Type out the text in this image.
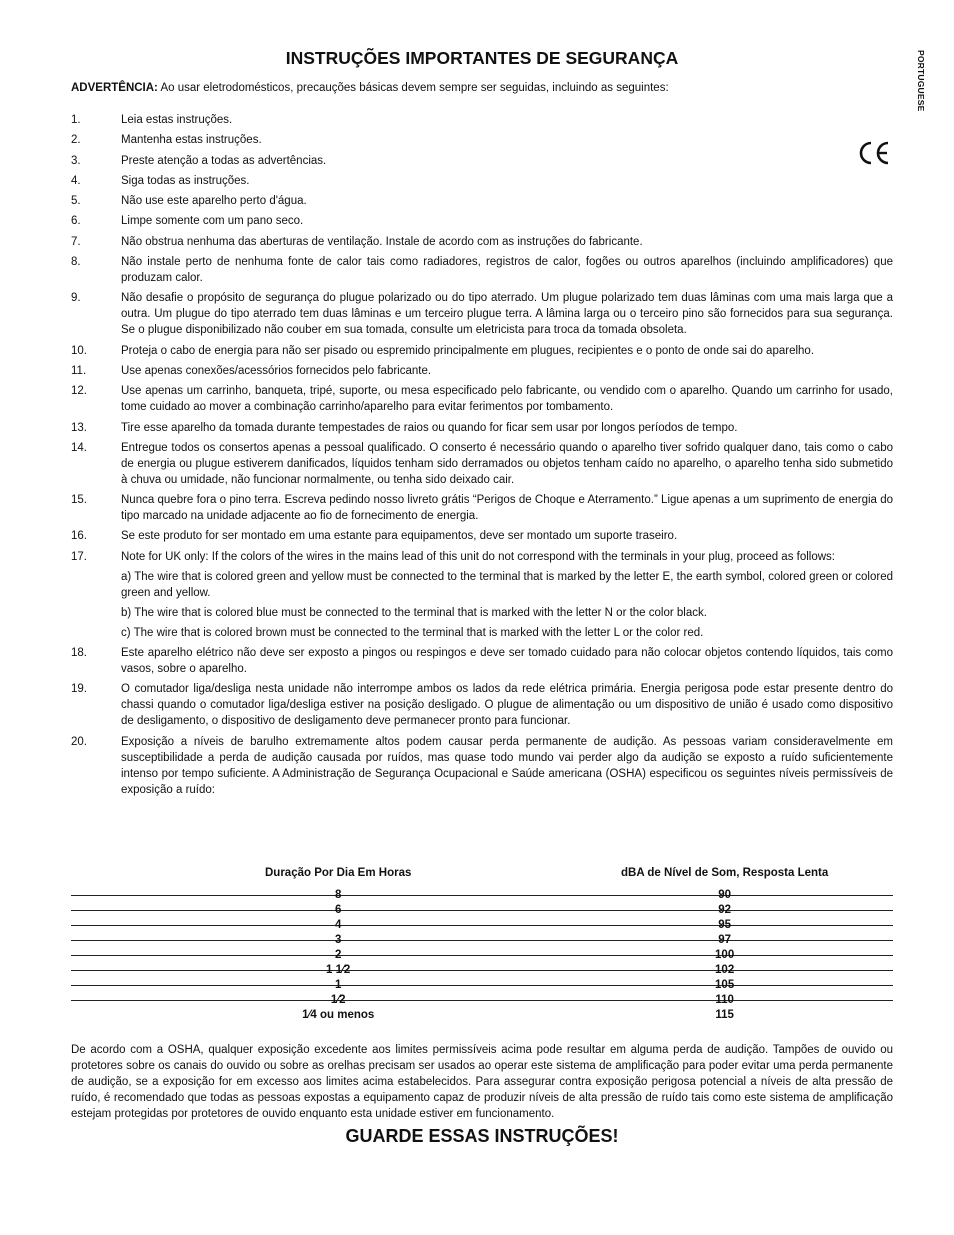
PORTUGUESE
INSTRUÇÕES IMPORTANTES DE SEGURANÇA

ADVERTÊNCIA: Ao usar eletrodomésticos, precauções básicas devem sempre ser seguidas, incluindo as seguintes:

1.	Leia estas instruções.
2.	Mantenha estas instruções.
3.	Preste atenção a todas as advertências.
4.	Siga todas as instruções.
5.	Não use este aparelho perto d'água.
6.	Limpe somente com um pano seco.
7.	Não obstrua nenhuma das aberturas de ventilação. Instale de acordo com as instruções do fabricante.
8.	Não instale perto de nenhuma fonte de calor tais como radiadores, registros de calor, fogões ou outros aparelhos (incluindo amplificadores) que produzam calor.
9.	Não desafie o propósito de segurança do plugue polarizado ou do tipo aterrado. Um plugue polarizado tem duas lâminas com uma mais larga que a outra. Um plugue do tipo aterrado tem duas lâminas e um terceiro plugue terra. A lâmina larga ou o terceiro pino são fornecidos para sua segurança. Se o plugue disponibilizado não couber em sua tomada, consulte um eletricista para troca da tomada obsoleta.
10.	Proteja o cabo de energia para não ser pisado ou espremido principalmente em plugues, recipientes e o ponto de onde sai do aparelho.
11.	Use apenas conexões/acessórios fornecidos pelo fabricante.
12.	Use apenas um carrinho, banqueta, tripé, suporte, ou mesa especificado pelo fabricante, ou vendido com o aparelho. Quando um carrinho for usado, tome cuidado ao mover a combinação carrinho/aparelho para evitar ferimentos por tombamento.
13.	Tire esse aparelho da tomada durante tempestades de raios ou quando for ficar sem usar por longos períodos de tempo.
14.	Entregue todos os consertos apenas a pessoal qualificado. O conserto é necessário quando o aparelho tiver sofrido qualquer dano, tais como o cabo de energia ou plugue estiverem danificados, líquidos tenham sido derramados ou objetos tenham caído no aparelho, o aparelho tenha sido submetido à chuva ou umidade, não funcionar normalmente, ou tenha sido deixado cair.
15.	Nunca quebre fora o pino terra. Escreva pedindo nosso livreto grátis “Perigos de Choque e Aterramento.” Ligue apenas a um suprimento de energia do tipo marcado na unidade adjacente ao fio de fornecimento de energia.
16.	Se este produto for ser montado em uma estante para equipamentos, deve ser montado um suporte traseiro.
17.	Note for UK only: If the colors of the wires in the mains lead of this unit do not correspond with the terminals in your plug, proceed as follows:
a) The wire that is colored green and yellow must be connected to the terminal that is marked by the letter E, the earth symbol, colored green or colored green and yellow.
b) The wire that is colored blue must be connected to the terminal that is marked with the letter N or the color black.
c) The wire that is colored brown must be connected to the terminal that is marked with the letter L or the color red.
18.	Este aparelho elétrico não deve ser exposto a pingos ou respingos e deve ser tomado cuidado para não colocar objetos contendo líquidos, tais como vasos, sobre o aparelho.
19.	O comutador liga/desliga nesta unidade não interrompe ambos os lados da rede elétrica primária. Energia perigosa pode estar presente dentro do chassi quando o comutador liga/desliga estiver na posição desligado. O plugue de alimentação ou um dispositivo de união é usado como dispositivo de desligamento, o dispositivo de desligamento deve permanecer pronto para funcionar.
20.	Exposição a níveis de barulho extremamente altos podem causar perda permanente de audição. As pessoas variam consideravelmente em susceptibilidade a perda de audição causada por ruídos, mas quase todo mundo vai perder algo da audição se exposto a ruído suficientemente intenso por tempo suficiente. A Administração de Segurança Ocupacional e Saúde americana (OSHA) especificou os seguintes níveis permissíveis de exposição a ruído:
Duração Por Dia Em Horas	dBA de Nível de Som, Resposta Lenta

8	90

6	92

4	95

3	97

2	100

1 1⁄2	102

1	105

1⁄2	110

1⁄4 ou menos	115

De acordo com a OSHA, qualquer exposição excedente aos limites permissíveis acima pode resultar em alguma perda de audição. Tampões de ouvido ou protetores sobre os canais do ouvido ou sobre as orelhas precisam ser usados ao operar este sistema de amplificação para poder evitar uma perda permanente de audição, se a exposição for em excesso aos limites acima estabelecidos. Para assegurar contra exposição perigosa potencial a níveis de alta pressão de ruído, é recomendado que todas as pessoas expostas a equipamento capaz de produzir níveis de alta pressão de ruído tais como este sistema de amplificação estejam protegidas por protetores de ouvido enquanto esta unidade estiver em funcionamento.

GUARDE ESSAS INSTRUÇÕES!
